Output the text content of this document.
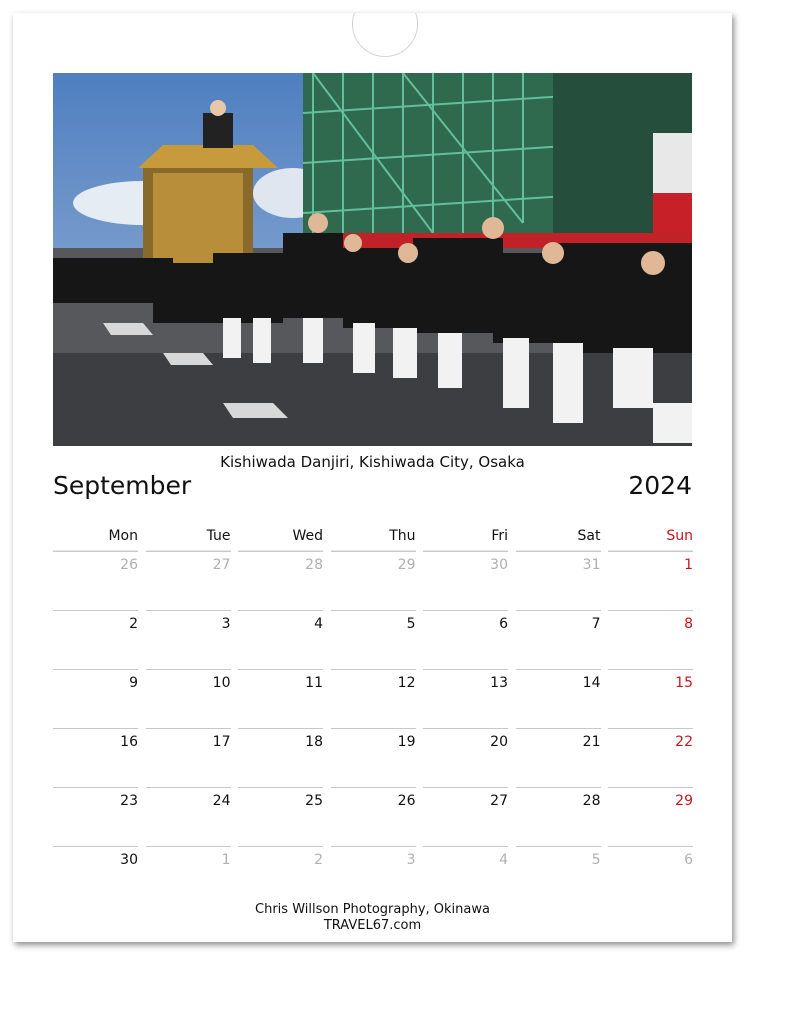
Kishiwada Danjiri, Kishiwada City, Osaka
September	2024
Mon	Tue	Wed	Thu	Fri	Sat	Sun
26	27	28	29	30	31	1
2	3	4	5	6	7	8
9	10	11	12	13	14	15
16	17	18	19	20	21	22
23	24	25	26	27	28	29
30	1	2	3	4	5	6
Chris Willson Photography, Okinawa
TRAVEL67.com
